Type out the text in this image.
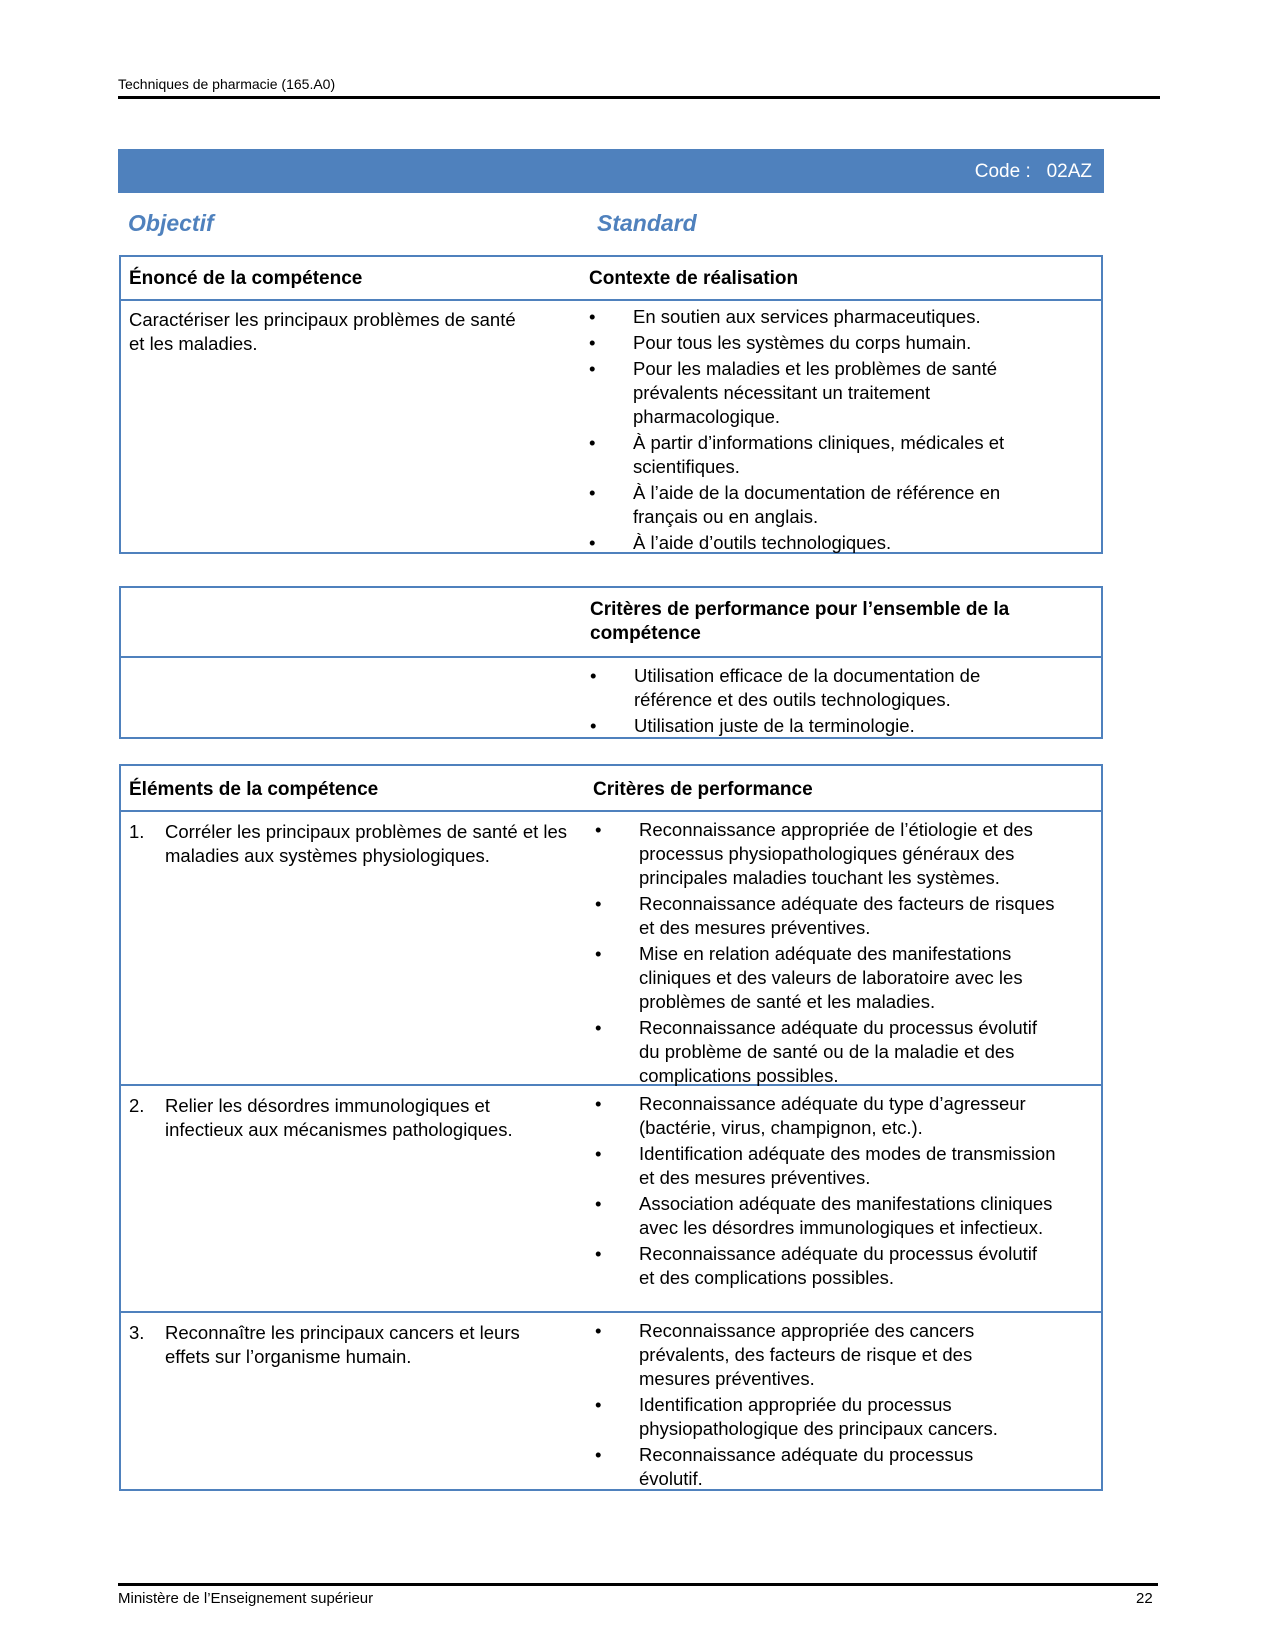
Techniques de pharmacie (165.A0)
Code : 02AZ
Objectif	Standard
Énoncé de la compétence	Contexte de réalisation
Caractériser les principaux problèmes de santé
et les maladies.
• En soutien aux services pharmaceutiques.
• Pour tous les systèmes du corps humain.
• Pour les maladies et les problèmes de santé prévalents nécessitant un traitement pharmacologique.
• À partir d’informations cliniques, médicales et scientifiques.
• À l’aide de la documentation de référence en français ou en anglais.
• À l’aide d’outils technologiques.
Critères de performance pour l’ensemble de la
compétence
• Utilisation efficace de la documentation de référence et des outils technologiques.
• Utilisation juste de la terminologie.
Éléments de la compétence	Critères de performance
1.	Corréler les principaux problèmes de santé et les maladies aux systèmes physiologiques.
• Reconnaissance appropriée de l’étiologie et des processus physiopathologiques généraux des principales maladies touchant les systèmes.
• Reconnaissance adéquate des facteurs de risques et des mesures préventives.
• Mise en relation adéquate des manifestations cliniques et des valeurs de laboratoire avec les problèmes de santé et les maladies.
• Reconnaissance adéquate du processus évolutif du problème de santé ou de la maladie et des complications possibles.
2.	Relier les désordres immunologiques et infectieux aux mécanismes pathologiques.
• Reconnaissance adéquate du type d’agresseur (bactérie, virus, champignon, etc.).
• Identification adéquate des modes de transmission et des mesures préventives.
• Association adéquate des manifestations cliniques avec les désordres immunologiques et infectieux.
• Reconnaissance adéquate du processus évolutif et des complications possibles.
3.	Reconnaître les principaux cancers et leurs effets sur l’organisme humain.
• Reconnaissance appropriée des cancers prévalents, des facteurs de risque et des mesures préventives.
• Identification appropriée du processus physiopathologique des principaux cancers.
• Reconnaissance adéquate du processus évolutif.
Ministère de l’Enseignement supérieur	22
